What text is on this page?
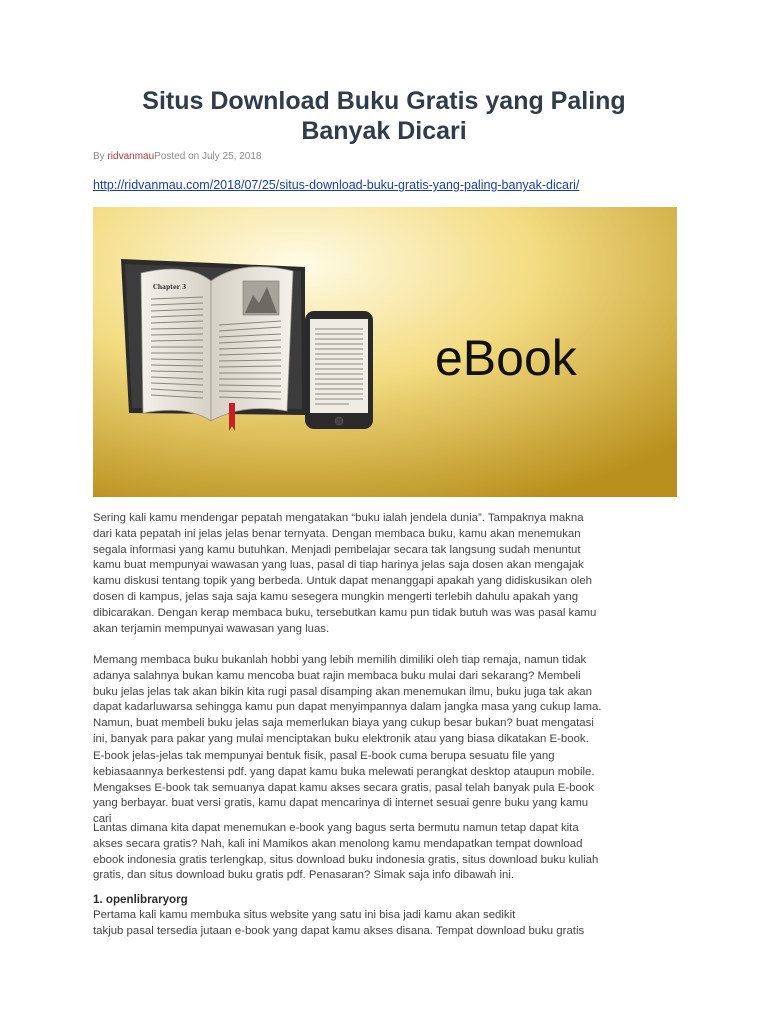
Situs Download Buku Gratis yang Paling
Banyak Dicari
By ridvanmauPosted on July 25, 2018
http://ridvanmau.com/2018/07/25/situs-download-buku-gratis-yang-paling-banyak-dicari/
Chapter 3
eBook

Sering kali kamu mendengar pepatah mengatakan “buku ialah jendela dunia”. Tampaknya makna
dari kata pepatah ini jelas jelas benar ternyata. Dengan membaca buku, kamu akan menemukan
segala informasi yang kamu butuhkan. Menjadi pembelajar secara tak langsung sudah menuntut
kamu buat mempunyai wawasan yang luas, pasal di tiap harinya jelas saja dosen akan mengajak
kamu diskusi tentang topik yang berbeda. Untuk dapat menanggapi apakah yang didiskusikan oleh
dosen di kampus, jelas saja saja kamu sesegera mungkin mengerti terlebih dahulu apakah yang
dibicarakan. Dengan kerap membaca buku, tersebutkan kamu pun tidak butuh was was pasal kamu
akan terjamin mempunyai wawasan yang luas.

Memang membaca buku bukanlah hobbi yang lebih memilih dimiliki oleh tiap remaja, namun tidak
adanya salahnya bukan kamu mencoba buat rajin membaca buku mulai dari sekarang? Membeli
buku jelas jelas tak akan bikin kita rugi pasal disamping akan menemukan ilmu, buku juga tak akan
dapat kadarluwarsa sehingga kamu pun dapat menyimpannya dalam jangka masa yang cukup lama.
Namun, buat membeli buku jelas saja memerlukan biaya yang cukup besar bukan? buat mengatasi
ini, banyak para pakar yang mulai menciptakan buku elektronik atau yang biasa dikatakan E-book.

E-book jelas-jelas tak mempunyai bentuk fisik, pasal E-book cuma berupa sesuatu file yang
kebiasaannya berkestensi pdf. yang dapat kamu buka melewati perangkat desktop ataupun mobile.
Mengakses E-book tak semuanya dapat kamu akses secara gratis, pasal telah banyak pula E-book
yang berbayar. buat versi gratis, kamu dapat mencarinya di internet sesuai genre buku yang kamu
cari

Lantas dimana kita dapat menemukan e-book yang bagus serta bermutu namun tetap dapat kita
akses secara gratis? Nah, kali ini Mamikos akan menolong kamu mendapatkan tempat download
ebook indonesia gratis terlengkap, situs download buku indonesia gratis, situs download buku kuliah
gratis, dan situs download buku gratis pdf. Penasaran? Simak saja info dibawah ini.

1. openlibraryorg

Pertama kali kamu membuka situs website yang satu ini bisa jadi kamu akan sedikit
takjub pasal tersedia jutaan e-book yang dapat kamu akses disana. Tempat download buku gratis
